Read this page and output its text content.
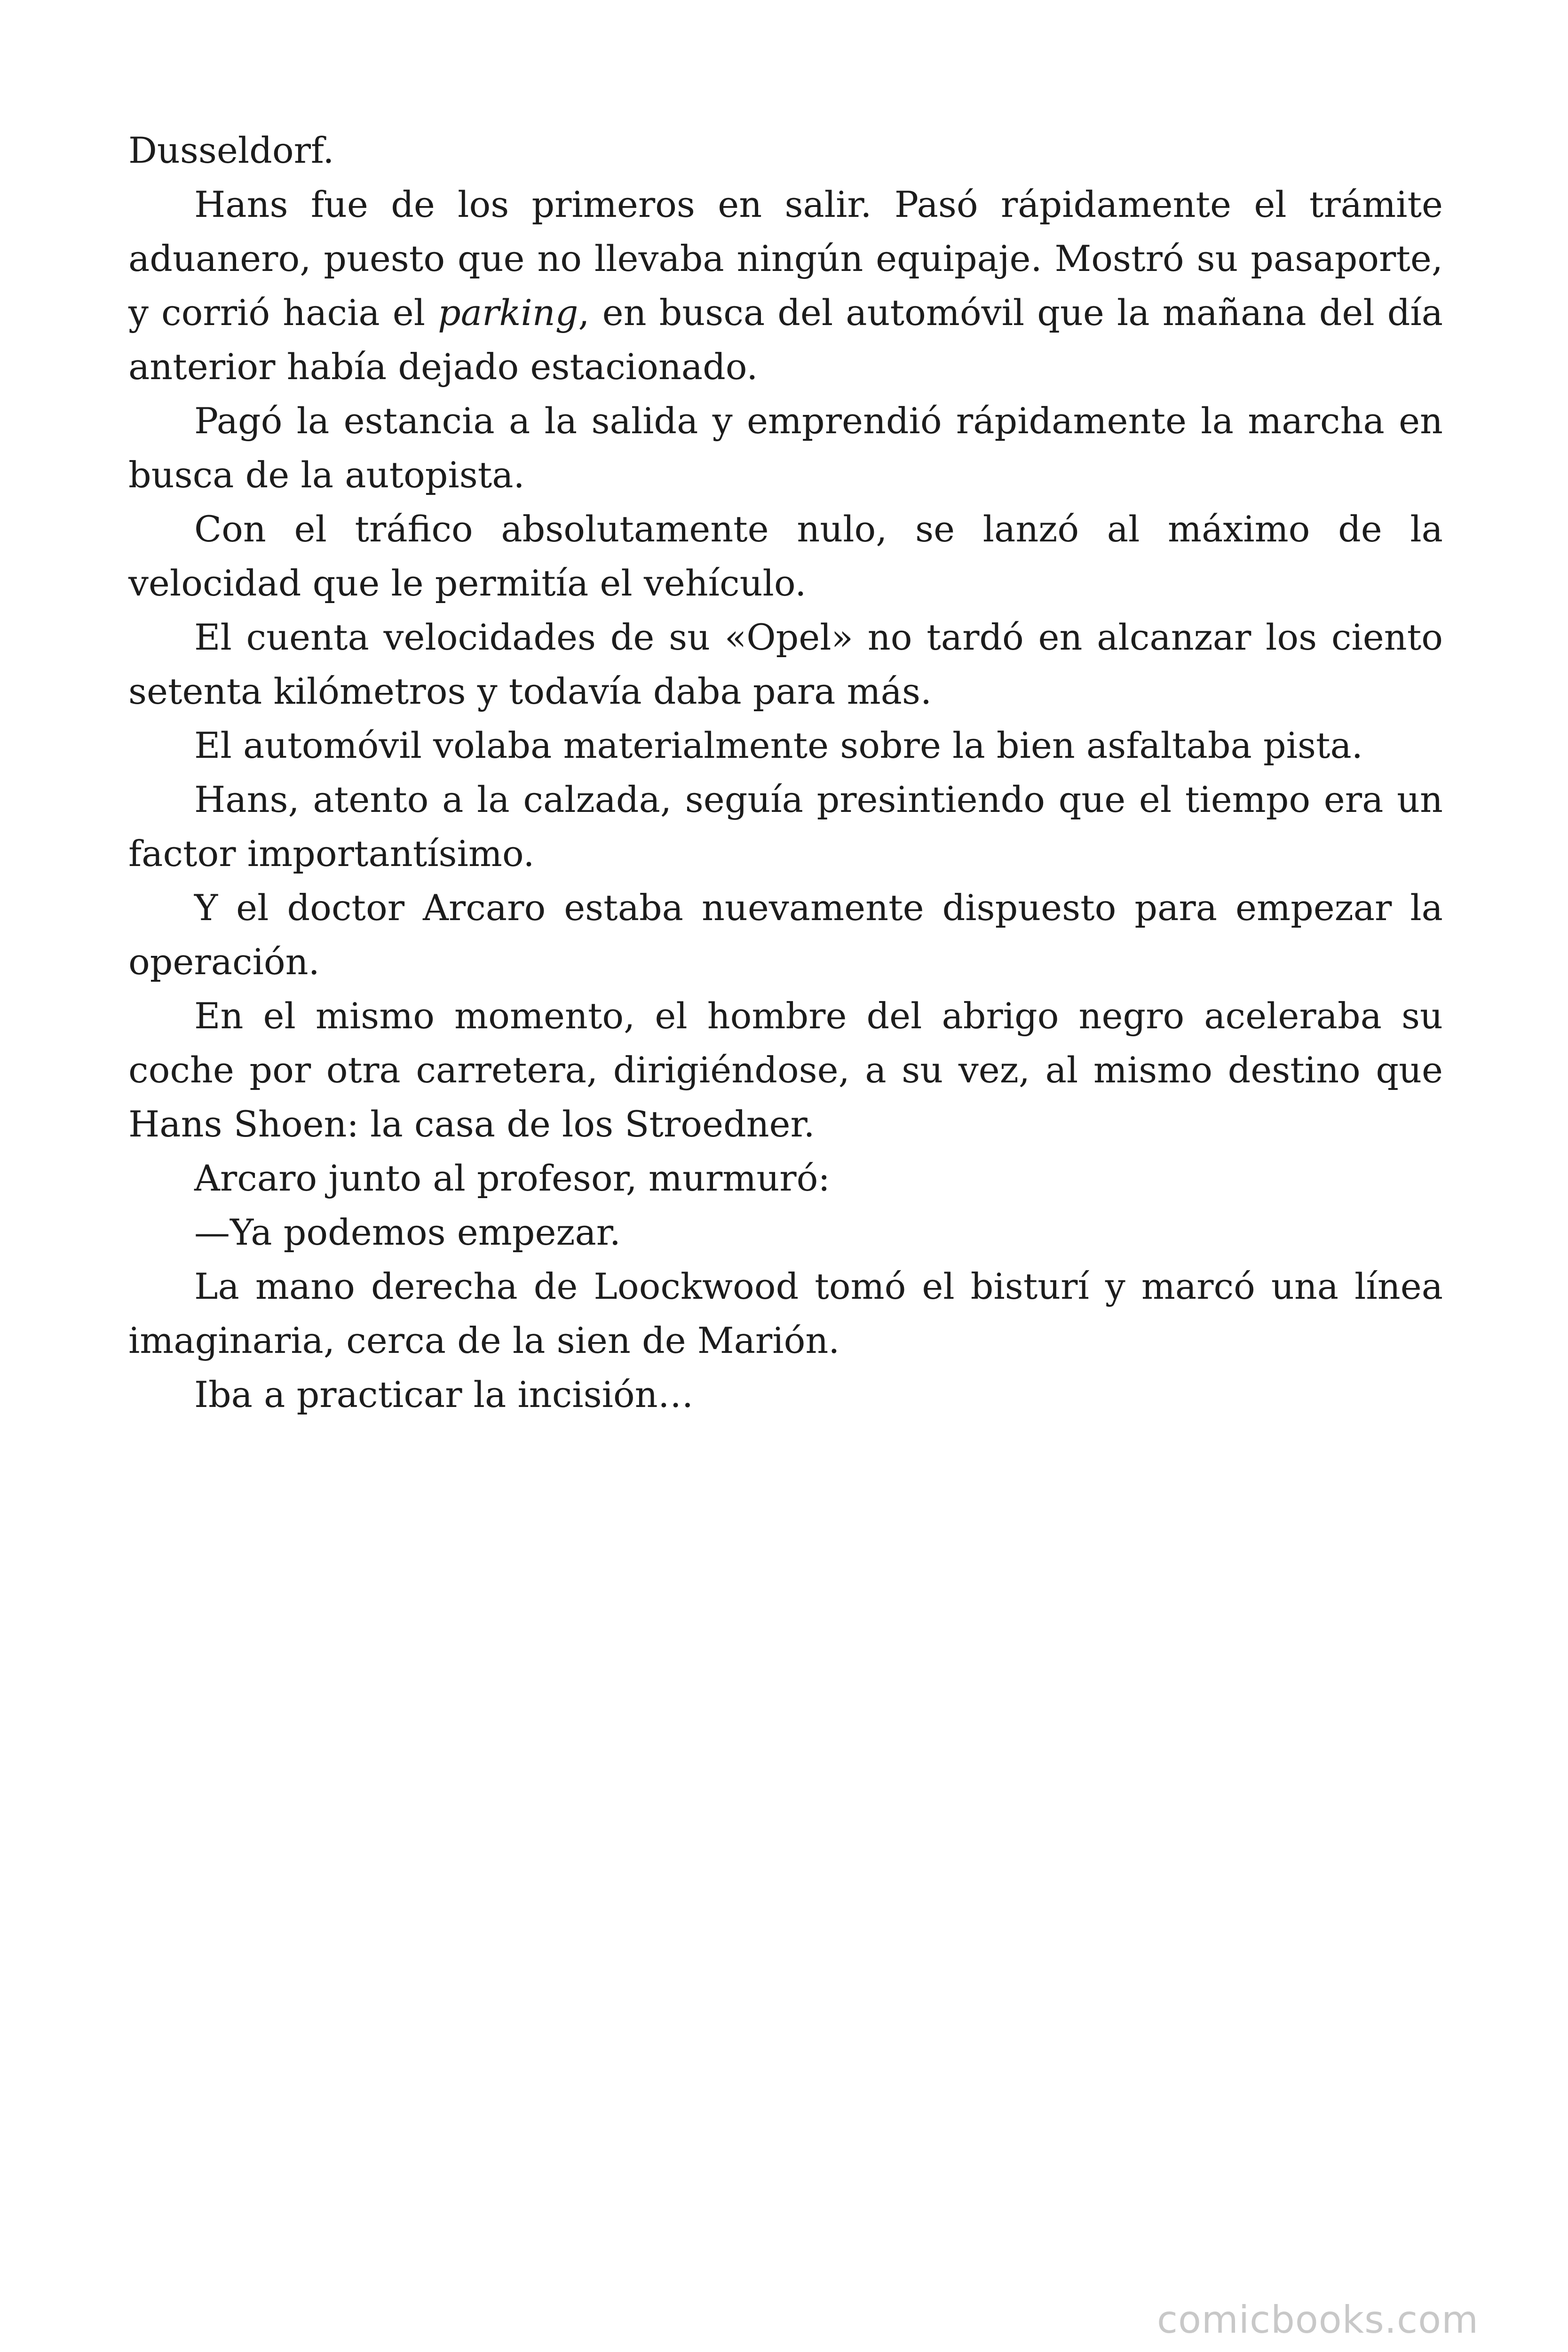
Dusseldorf.

Hans fue de los primeros en salir. Pasó rápidamente el trámite aduanero, puesto que no llevaba ningún equipaje. Mostró su pasaporte, y corrió hacia el parking, en busca del automóvil que la mañana del día anterior había dejado estacionado.

Pagó la estancia a la salida y emprendió rápidamente la marcha en busca de la autopista.

Con el tráfico absolutamente nulo, se lanzó al máximo de la velocidad que le permitía el vehículo.

El cuenta velocidades de su «Opel» no tardó en alcanzar los ciento setenta kilómetros y todavía daba para más.

El automóvil volaba materialmente sobre la bien asfaltaba pista.

Hans, atento a la calzada, seguía presintiendo que el tiempo era un factor importantísimo.

Y el doctor Arcaro estaba nuevamente dispuesto para empezar la operación.

En el mismo momento, el hombre del abrigo negro aceleraba su coche por otra carretera, dirigiéndose, a su vez, al mismo destino que Hans Shoen: la casa de los Stroedner.

Arcaro junto al profesor, murmuró:

—Ya podemos empezar.

La mano derecha de Loockwood tomó el bisturí y marcó una línea imaginaria, cerca de la sien de Marión.

Iba a practicar la incisión…

comicbooks.com
